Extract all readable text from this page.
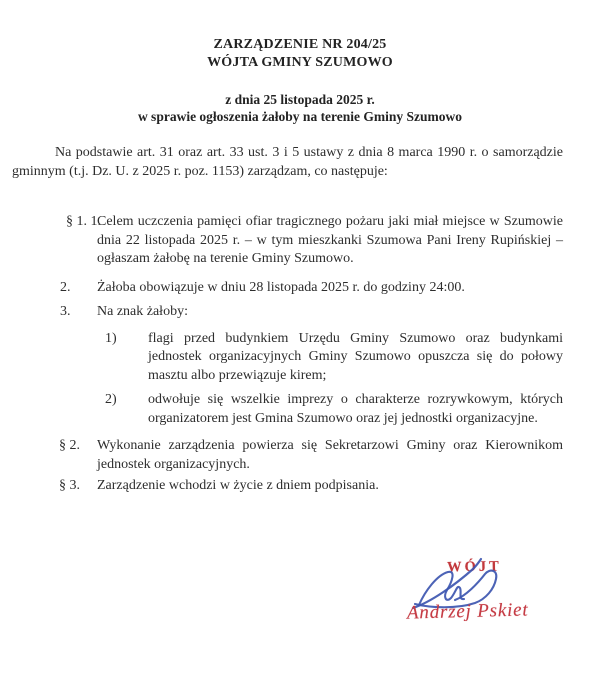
ZARZĄDZENIE NR 204/25
WÓJTA GMINY SZUMOWO
z dnia 25 listopada 2025 r.
w sprawie ogłoszenia żałoby na terenie Gminy Szumowo

Na podstawie art. 31 oraz art. 33 ust. 3 i 5 ustawy z dnia 8 marca 1990 r. o samorządzie gminnym (t.j. Dz. U. z 2025 r. poz. 1153) zarządzam, co następuje:

§ 1. 1.
Celem uczczenia pamięci ofiar tragicznego pożaru jaki miał miejsce w Szumowie dnia 22 listopada 2025 r. – w tym mieszkanki Szumowa Pani Ireny Rupińskiej – ogłaszam żałobę na terenie Gminy Szumowo.
2. Żałoba obowiązuje w dniu 28 listopada 2025 r. do godziny 24:00.
3. Na znak żałoby:
1) flagi przed budynkiem Urzędu Gminy Szumowo oraz budynkami jednostek organizacyjnych Gminy Szumowo opuszcza się do połowy masztu albo przewiązuje kirem;
2) odwołuje się wszelkie imprezy o charakterze rozrywkowym, których organizatorem jest Gmina Szumowo oraz jej jednostki organizacyjne.
§ 2. Wykonanie zarządzenia powierza się Sekretarzowi Gminy oraz Kierownikom jednostek organizacyjnych.
§ 3. Zarządzenie wchodzi w życie z dniem podpisania.
WÓJT
Andrzej Pskiet
